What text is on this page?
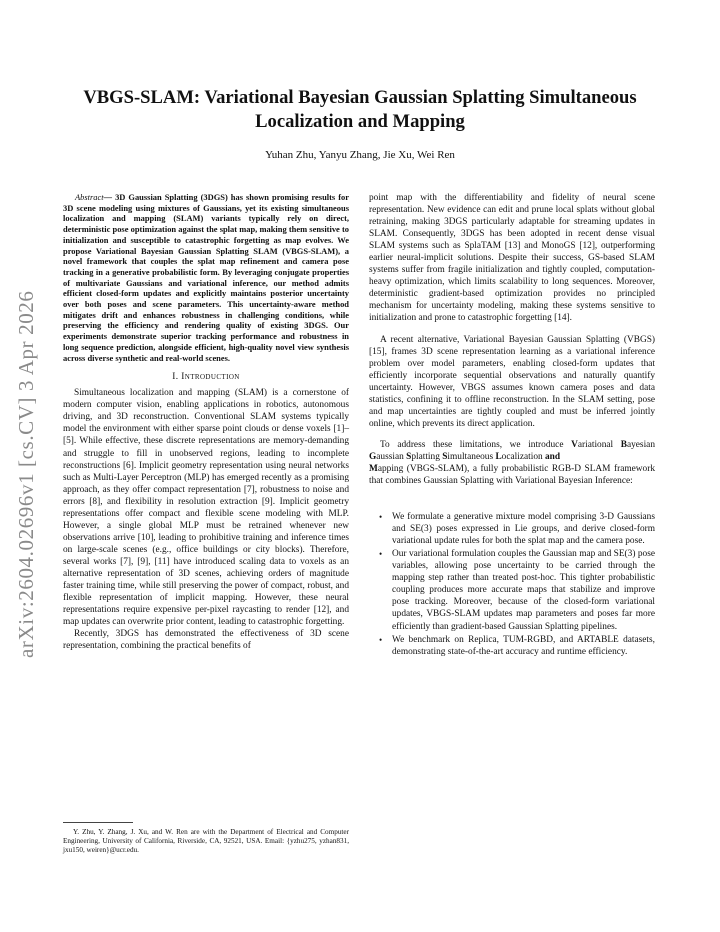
arXiv:2604.02696v1 [cs.CV] 3 Apr 2026
VBGS-SLAM: Variational Bayesian Gaussian Splatting Simultaneous
Localization and Mapping
Yuhan Zhu, Yanyu Zhang, Jie Xu, Wei Ren

Abstract— 3D Gaussian Splatting (3DGS) has shown promising results for 3D scene modeling using mixtures of Gaussians, yet its existing simultaneous localization and mapping (SLAM) variants typically rely on direct, deterministic pose optimization against the splat map, making them sensitive to initialization and susceptible to catastrophic forgetting as map evolves. We propose Variational Bayesian Gaussian Splatting SLAM (VBGS-SLAM), a novel framework that couples the splat map refinement and camera pose tracking in a generative probabilistic form. By leveraging conjugate properties of multivariate Gaussians and variational inference, our method admits efficient closed-form updates and explicitly maintains posterior uncertainty over both poses and scene parameters. This uncertainty-aware method mitigates drift and enhances robustness in challenging conditions, while preserving the efficiency and rendering quality of existing 3DGS. Our experiments demonstrate superior tracking performance and robustness in long sequence prediction, alongside efficient, high-quality novel view synthesis across diverse synthetic and real-world scenes.

I. Introduction

Simultaneous localization and mapping (SLAM) is a cornerstone of modern computer vision, enabling applications in robotics, autonomous driving, and 3D reconstruction. Conventional SLAM systems typically model the environment with either sparse point clouds or dense voxels [1]–[5]. While effective, these discrete representations are memory-demanding and struggle to fill in unobserved regions, leading to incomplete reconstructions [6]. Implicit geometry representation using neural networks such as Multi-Layer Perceptron (MLP) has emerged recently as a promising approach, as they offer compact representation [7], robustness to noise and errors [8], and flexibility in resolution extraction [9]. Implicit geometry representations offer compact and flexible scene modeling with MLP. However, a single global MLP must be retrained whenever new observations arrive [10], leading to prohibitive training and inference times on large-scale scenes (e.g., office buildings or city blocks). Therefore, several works [7], [9], [11] have introduced scaling data to voxels as an alternative representation of 3D scenes, achieving orders of magnitude faster training time, while still preserving the power of compact, robust, and flexible representation of implicit mapping. However, these neural representations require expensive per-pixel raycasting to render [12], and map updates can overwrite prior content, leading to catastrophic forgetting.

Recently, 3DGS has demonstrated the effectiveness of 3D scene representation, combining the practical benefits of

Y. Zhu, Y. Zhang, J. Xu, and W. Ren are with the Department of Electrical and Computer Engineering, University of California, Riverside, CA, 92521, USA. Email: {yzhu275, yzhan831, jxu150, weiren}@ucr.edu.

point map with the differentiability and fidelity of neural scene representation. New evidence can edit and prune local splats without global retraining, making 3DGS particularly adaptable for streaming updates in SLAM. Consequently, 3DGS has been adopted in recent dense visual SLAM systems such as SplaTAM [13] and MonoGS [12], outperforming earlier neural-implicit solutions. Despite their success, GS-based SLAM systems suffer from fragile initialization and tightly coupled, computation-heavy optimization, which limits scalability to long sequences. Moreover, deterministic gradient-based optimization provides no principled mechanism for uncertainty modeling, making these systems sensitive to initialization and prone to catastrophic forgetting [14].

A recent alternative, Variational Bayesian Gaussian Splatting (VBGS) [15], frames 3D scene representation learning as a variational inference problem over model parameters, enabling closed-form updates that efficiently incorporate sequential observations and naturally quantify uncertainty. However, VBGS assumes known camera poses and data statistics, confining it to offline reconstruction. In the SLAM setting, pose and map uncertainties are tightly coupled and must be inferred jointly online, which prevents its direct application.

To address these limitations, we introduce Variational Bayesian Gaussian Splatting Simultaneous Localization and
Mapping (VBGS-SLAM), a fully probabilistic RGB-D SLAM framework that combines Gaussian Splatting with Variational Bayesian Inference:

• We formulate a generative mixture model comprising 3-D Gaussians and SE(3) poses expressed in Lie groups, and derive closed-form variational update rules for both the splat map and the camera pose.
• Our variational formulation couples the Gaussian map and SE(3) pose variables, allowing pose uncertainty to be carried through the mapping step rather than treated post-hoc. This tighter probabilistic coupling produces more accurate maps that stabilize and improve pose tracking. Moreover, because of the closed-form variational updates, VBGS-SLAM updates map parameters and poses far more efficiently than gradient-based Gaussian Splatting pipelines.
• We benchmark on Replica, TUM-RGBD, and ARTABLE datasets, demonstrating state-of-the-art accuracy and runtime efficiency.
